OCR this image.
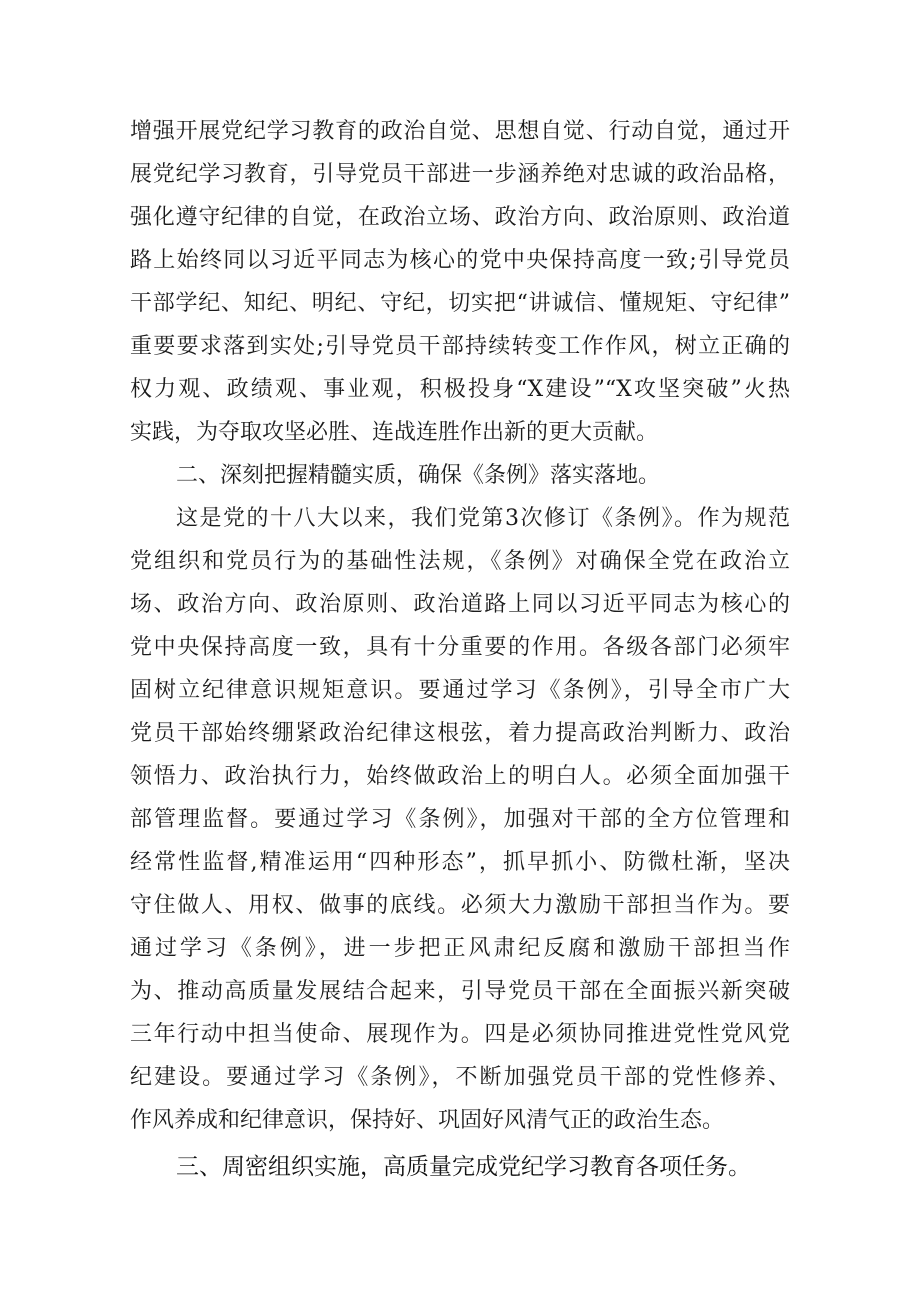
增强开展党纪学习教育的政治自觉、思想自觉、行动自觉，通过开
展党纪学习教育，引导党员干部进一步涵养绝对忠诚的政治品格，
强化遵守纪律的自觉，在政治立场、政治方向、政治原则、政治道
路上始终同以习近平同志为核心的党中央保持高度一致;引导党员
干部学纪、知纪、明纪、守纪，切实把“讲诚信、懂规矩、守纪律”
重要要求落到实处;引导党员干部持续转变工作作风，树立正确的
权力观、政绩观、事业观，积极投身“X建设”“X攻坚突破”火热
实践，为夺取攻坚必胜、连战连胜作出新的更大贡献。
二、深刻把握精髓实质，确保《条例》落实落地。
这是党的十八大以来，我们党第3次修订《条例》。作为规范
党组织和党员行为的基础性法规，《条例》对确保全党在政治立
场、政治方向、政治原则、政治道路上同以习近平同志为核心的
党中央保持高度一致，具有十分重要的作用。各级各部门必须牢
固树立纪律意识规矩意识。要通过学习《条例》，引导全市广大
党员干部始终绷紧政治纪律这根弦，着力提高政治判断力、政治
领悟力、政治执行力，始终做政治上的明白人。必须全面加强干
部管理监督。要通过学习《条例》，加强对干部的全方位管理和
经常性监督,精准运用“四种形态”，抓早抓小、防微杜渐，坚决
守住做人、用权、做事的底线。必须大力激励干部担当作为。要
通过学习《条例》，进一步把正风肃纪反腐和激励干部担当作
为、推动高质量发展结合起来，引导党员干部在全面振兴新突破
三年行动中担当使命、展现作为。四是必须协同推进党性党风党
纪建设。要通过学习《条例》，不断加强党员干部的党性修养、
作风养成和纪律意识，保持好、巩固好风清气正的政治生态。
三、周密组织实施，高质量完成党纪学习教育各项任务。
